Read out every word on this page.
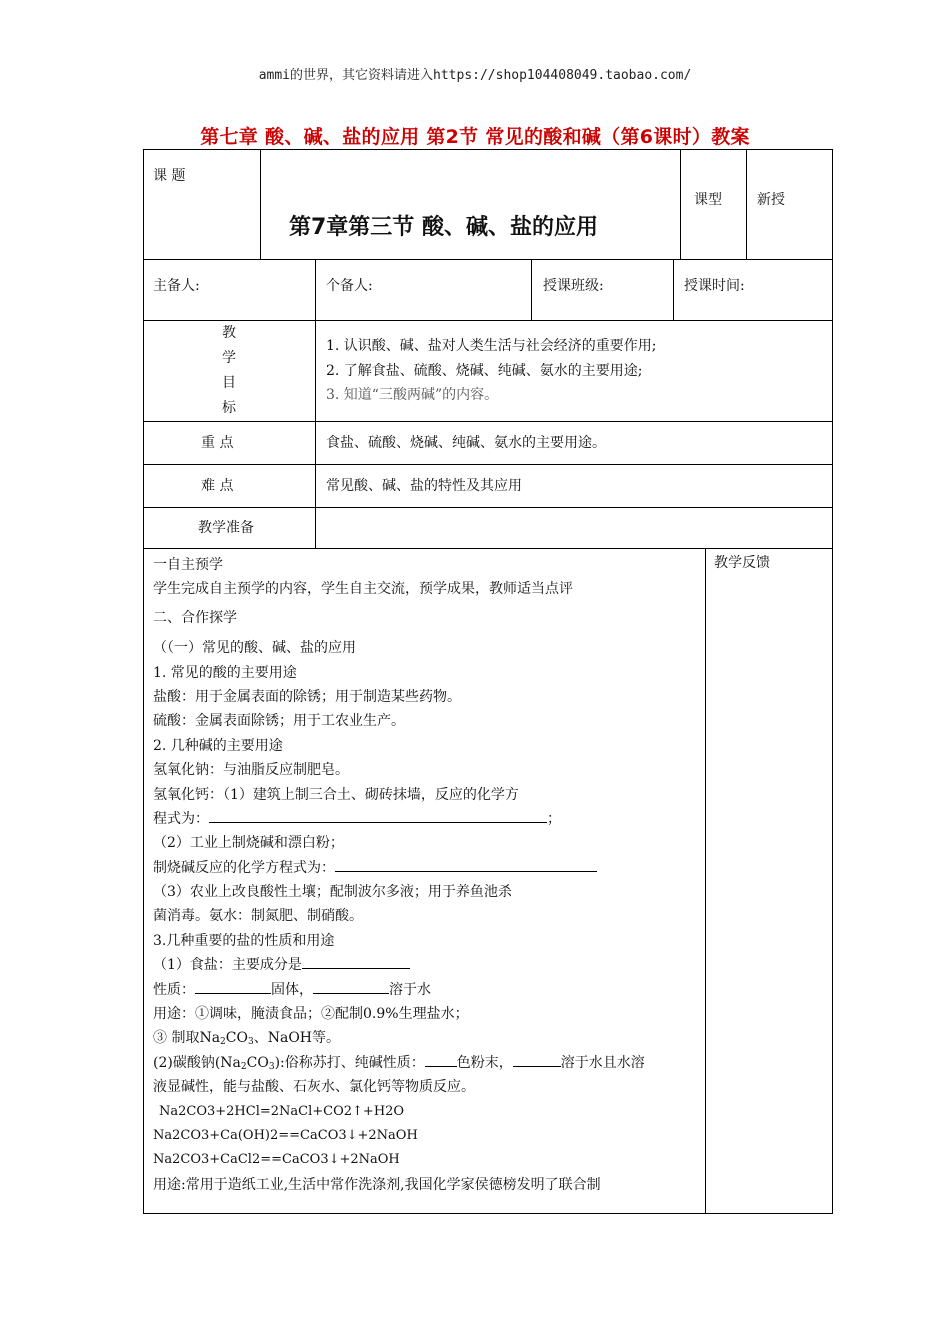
ammi的世界，其它资料请进入https://shop104408049.taobao.com/
第七章 酸、碱、盐的应用 第2节 常见的酸和碱（第6课时）教案
课 题
第7章第三节 酸、碱、盐的应用
课型	新授
主备人:	个备人:	授课班级:	授课时间:
教
学
目
标
1. 认识酸、碱、盐对人类生活与社会经济的重要作用;
2. 了解食盐、硫酸、烧碱、纯碱、氨水的主要用途;
3. 知道“三酸两碱”的内容。
重 点	食盐、硫酸、烧碱、纯碱、氨水的主要用途。
难 点	常见酸、碱、盐的特性及其应用
教学准备
教学反馈
一自主预学
学生完成自主预学的内容，学生自主交流，预学成果，教师适当点评
二、合作探学
（（一）常见的酸、碱、盐的应用
1. 常见的酸的主要用途
盐酸：用于金属表面的除锈；用于制造某些药物。
硫酸：金属表面除锈；用于工农业生产。
2. 几种碱的主要用途
氢氧化钠：与油脂反应制肥皂。
氢氧化钙：（1）建筑上制三合土、砌砖抹墙，反应的化学方
程式为：	；
（2）工业上制烧碱和漂白粉；
制烧碱反应的化学方程式为：
（3）农业上改良酸性土壤；配制波尔多液；用于养鱼池杀
菌消毒。氨水：制氮肥、制硝酸。
3.几种重要的盐的性质和用途
（1）食盐：主要成分是
性质：	固体，	溶于水
用途：①调味，腌渍食品；②配制0.9%生理盐水；
③ 制取$Na_2CO_3$、NaOH等。
(2)碳酸钠$(Na_2CO_3)$:俗称苏打、纯碱性质： 色粉末，	溶于水且水溶
液显碱性，能与盐酸、石灰水、氯化钙等物质反应。
Na2CO3+2HCl=2NaCl+CO2↑+H2O
Na2CO3+Ca(OH)2==CaCO3↓+2NaOH
Na2CO3+CaCl2==CaCO3↓+2NaOH
用途:常用于造纸工业,生活中常作洗涤剂,我国化学家侯德榜发明了联合制
